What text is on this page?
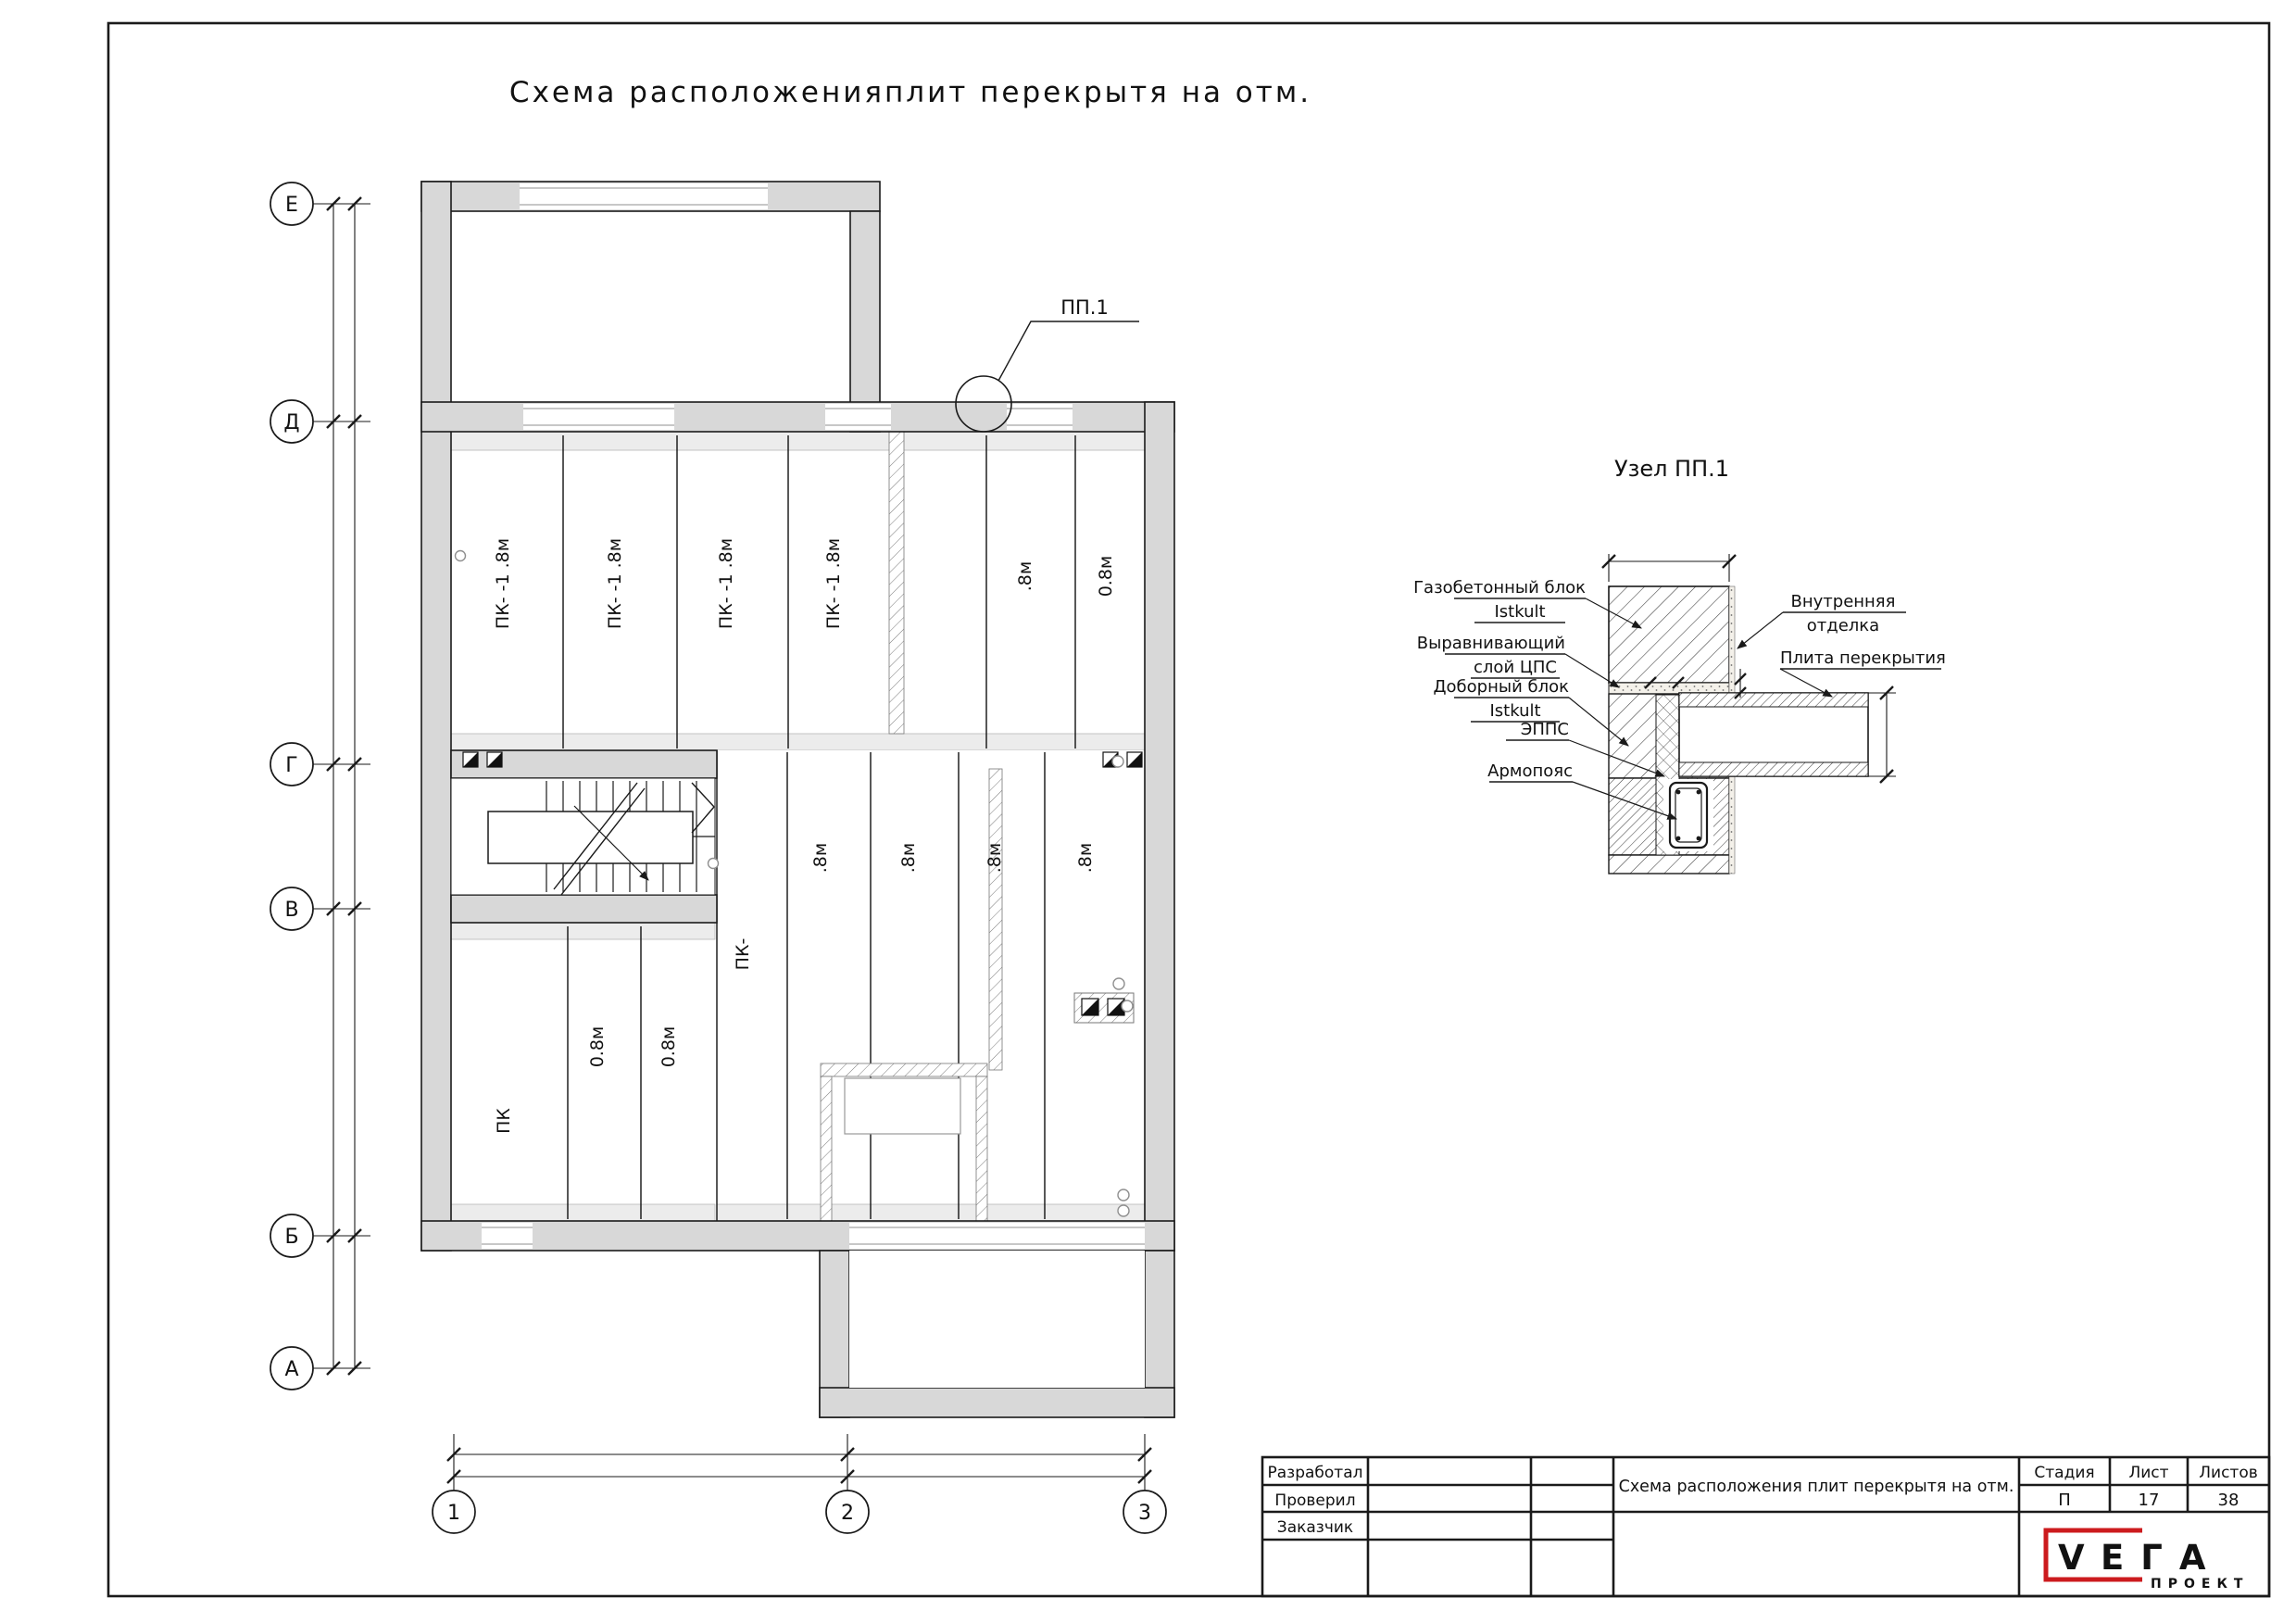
Схема расположенияплит перекрытя на отм.
ПК- -1 .8м	ПК- -1 .8м	ПК- -1 .8м	ПК- -1 .8м	.8м	0.8м
ПК-
.8м	.8м	.8м	.8м
ПК
0.8м	0.8м
ПП.1
Е
Д
Г
В
Б
А
1	2	3
Узел ПП.1
Газобетонный блок
Istkult
Выравнивающий
слой ЦПС
Доборный блок
Istkult
ЭППС
Армопояс
Внутренняя
отделка
Плита перекрытия
Разработал
Проверил
Заказчик
Схема расположения плит перекрытя на отм.
Стадия Лист Листов
П	17	38
V ЕГА
ПРОЕКТ
